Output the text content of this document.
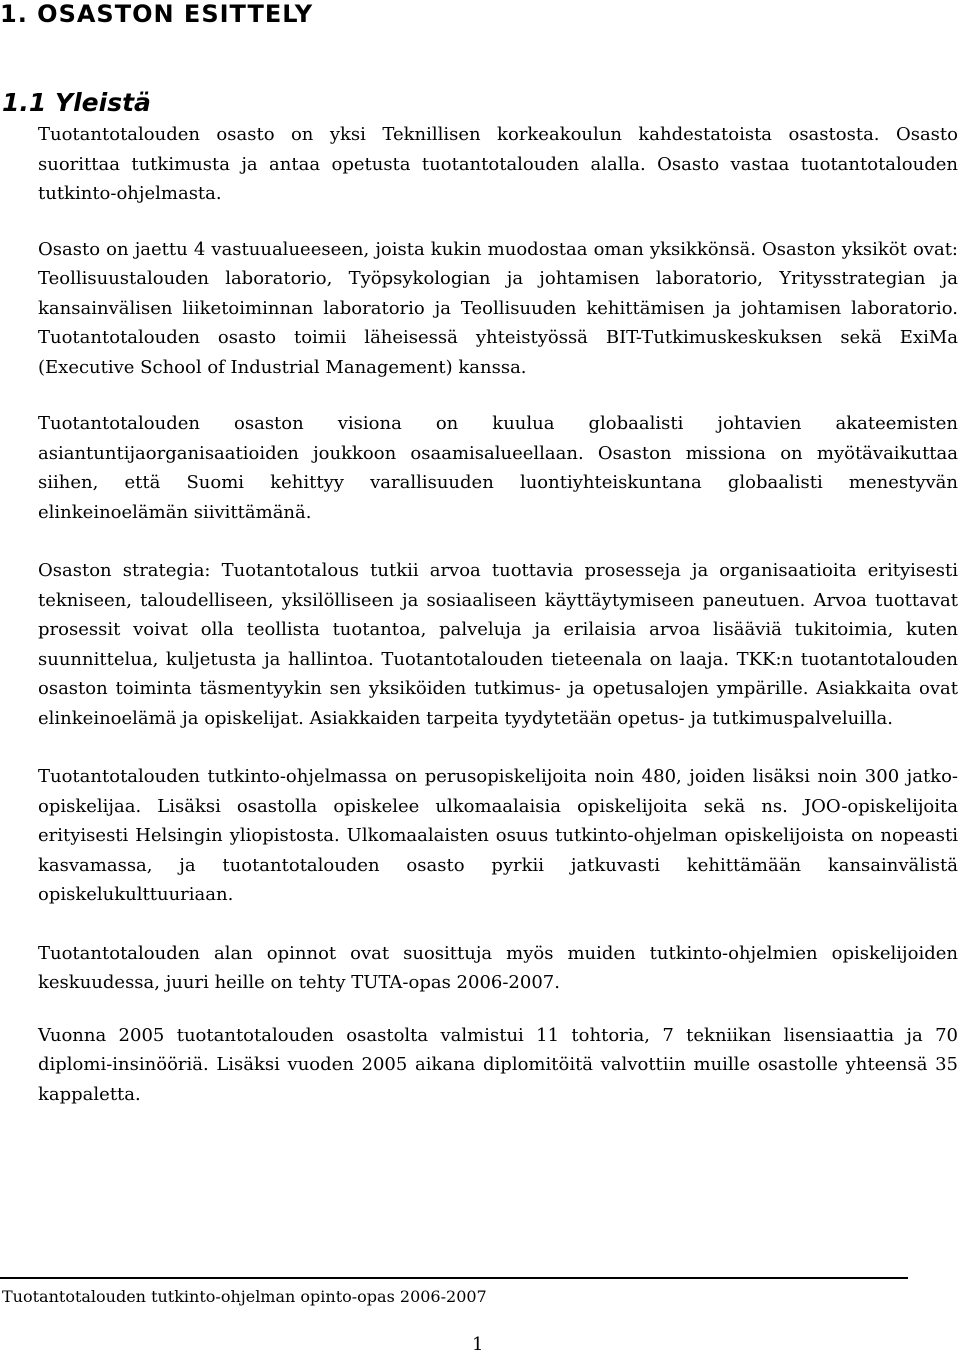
1. OSASTON ESITTELY
1.1 Yleistä

Tuotantotalouden osasto on yksi Teknillisen korkeakoulun kahdestatoista osastosta. Osasto suorittaa tutkimusta ja antaa opetusta tuotantotalouden alalla. Osasto vastaa tuotantotalouden tutkinto-ohjelmasta.

Osasto on jaettu 4 vastuualueeseen, joista kukin muodostaa oman yksikkönsä. Osaston yksiköt ovat: Teollisuustalouden laboratorio, Työpsykologian ja johtamisen laboratorio, Yritysstrategian ja kansainvälisen liiketoiminnan laboratorio ja Teollisuuden kehittämisen ja johtamisen laboratorio. Tuotantotalouden osasto toimii läheisessä yhteistyössä BIT-Tutkimuskeskuksen sekä ExiMa (Executive School of Industrial Management) kanssa.

Tuotantotalouden osaston visiona on kuulua globaalisti johtavien akateemisten asiantuntijaorganisaatioiden joukkoon osaamisalueellaan. Osaston missiona on myötävaikuttaa siihen, että Suomi kehittyy varallisuuden luontiyhteiskuntana globaalisti menestyvän elinkeinoelämän siivittämänä.

Osaston strategia: Tuotantotalous tutkii arvoa tuottavia prosesseja ja organisaatioita erityisesti tekniseen, taloudelliseen, yksilölliseen ja sosiaaliseen käyttäytymiseen paneutuen. Arvoa tuottavat prosessit voivat olla teollista tuotantoa, palveluja ja erilaisia arvoa lisääviä tukitoimia, kuten suunnittelua, kuljetusta ja hallintoa. Tuotantotalouden tieteenala on laaja. TKK:n tuotantotalouden osaston toiminta täsmentyykin sen yksiköiden tutkimus- ja opetusalojen ympärille. Asiakkaita ovat elinkeinoelämä ja opiskelijat. Asiakkaiden tarpeita tyydytetään opetus- ja tutkimuspalveluilla.

Tuotantotalouden tutkinto-ohjelmassa on perusopiskelijoita noin 480, joiden lisäksi noin 300 jatko-opiskelijaa. Lisäksi osastolla opiskelee ulkomaalaisia opiskelijoita sekä ns. JOO-opiskelijoita erityisesti Helsingin yliopistosta. Ulkomaalaisten osuus tutkinto-ohjelman opiskelijoista on nopeasti kasvamassa, ja tuotantotalouden osasto pyrkii jatkuvasti kehittämään kansainvälistä opiskelukulttuuriaan.

Tuotantotalouden alan opinnot ovat suosittuja myös muiden tutkinto-ohjelmien opiskelijoiden keskuudessa, juuri heille on tehty TUTA-opas 2006-2007.

Vuonna 2005 tuotantotalouden osastolta valmistui 11 tohtoria, 7 tekniikan lisensiaattia ja 70 diplomi-insinööriä. Lisäksi vuoden 2005 aikana diplomitöitä valvottiin muille osastolle yhteensä 35 kappaletta.

Tuotantotalouden tutkinto-ohjelman opinto-opas 2006-2007

1
